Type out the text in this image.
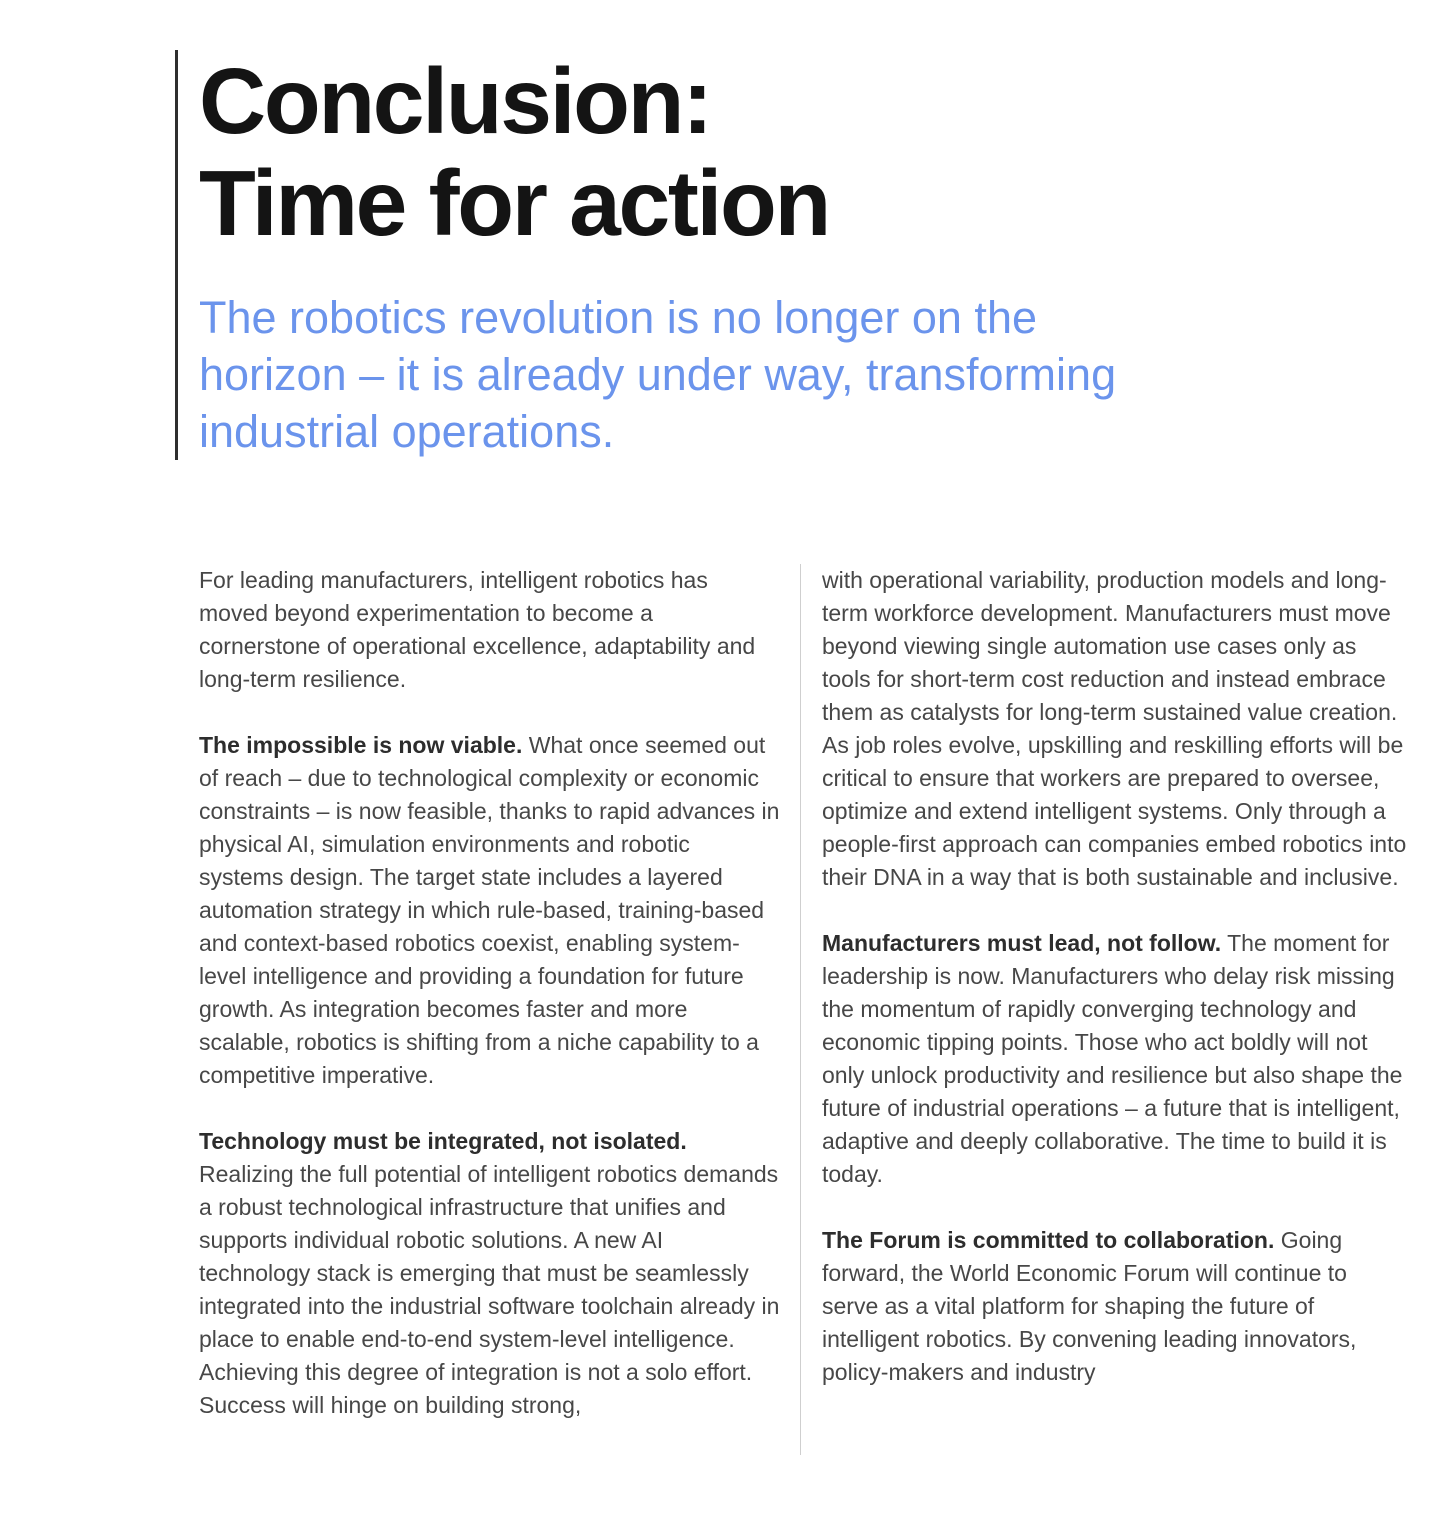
Conclusion:
Time for action

The robotics revolution is no longer on the horizon – it is already under way, transforming industrial operations.

For leading manufacturers, intelligent robotics has moved beyond experimentation to become a cornerstone of operational excellence, adaptability and long-term resilience.

The impossible is now viable. What once seemed out of reach – due to technological complexity or economic constraints – is now feasible, thanks to rapid advances in physical AI, simulation environments and robotic systems design. The target state includes a layered automation strategy in which rule-based, training-based and context-based robotics coexist, enabling system-level intelligence and providing a foundation for future growth. As integration becomes faster and more scalable, robotics is shifting from a niche capability to a competitive imperative.

Technology must be integrated, not isolated. Realizing the full potential of intelligent robotics demands a robust technological infrastructure that unifies and supports individual robotic solutions. A new AI technology stack is emerging that must be seamlessly integrated into the industrial software toolchain already in place to enable end-to-end system-level intelligence. Achieving this degree of integration is not a solo effort. Success will hinge on building strong,

with operational variability, production models and long-term workforce development. Manufacturers must move beyond viewing single automation use cases only as tools for short-term cost reduction and instead embrace them as catalysts for long-term sustained value creation. As job roles evolve, upskilling and reskilling efforts will be critical to ensure that workers are prepared to oversee, optimize and extend intelligent systems. Only through a people-first approach can companies embed robotics into their DNA in a way that is both sustainable and inclusive.

Manufacturers must lead, not follow. The moment for leadership is now. Manufacturers who delay risk missing the momentum of rapidly converging technology and economic tipping points. Those who act boldly will not only unlock productivity and resilience but also shape the future of industrial operations – a future that is intelligent, adaptive and deeply collaborative. The time to build it is today.

The Forum is committed to collaboration. Going forward, the World Economic Forum will continue to serve as a vital platform for shaping the future of intelligent robotics. By convening leading innovators, policy-makers and industry
